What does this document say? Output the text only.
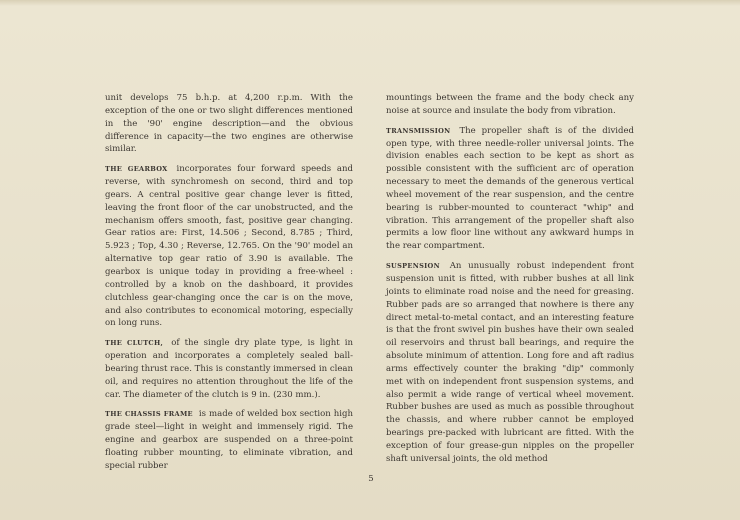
unit develops 75 b.h.p. at 4,200 r.p.m. With the exception of the one or two slight differences mentioned in the '90' engine description—and the obvious difference in capacity—the two engines are otherwise similar.

THE GEARBOX incorporates four forward speeds and reverse, with synchromesh on second, third and top gears. A central positive gear change lever is fitted, leaving the front floor of the car unobstructed, and the mechanism offers smooth, fast, positive gear changing. Gear ratios are: First, 14.506 ; Second, 8.785 ; Third, 5.923 ; Top, 4.30 ; Reverse, 12.765. On the '90' model an alternative top gear ratio of 3.90 is available. The gearbox is unique today in providing a free-wheel : controlled by a knob on the dashboard, it provides clutchless gear-changing once the car is on the move, and also contributes to economical motoring, especially on long runs.

THE CLUTCH, of the single dry plate type, is light in operation and incorporates a completely sealed ball-bearing thrust race. This is constantly immersed in clean oil, and requires no attention throughout the life of the car. The diameter of the clutch is 9 in. (230 mm.).

THE CHASSIS FRAME is made of welded box section high grade steel—light in weight and immensely rigid. The engine and gearbox are suspended on a three-point floating rubber mounting, to eliminate vibration, and special rubber

mountings between the frame and the body check any noise at source and insulate the body from vibration.

TRANSMISSION The propeller shaft is of the divided open type, with three needle-roller universal joints. The division enables each section to be kept as short as possible consistent with the sufficient arc of operation necessary to meet the demands of the generous vertical wheel movement of the rear suspension, and the centre bearing is rubber-mounted to counteract "whip" and vibration. This arrangement of the propeller shaft also permits a low floor line without any awkward humps in the rear compartment.

SUSPENSION An unusually robust independent front suspension unit is fitted, with rubber bushes at all link joints to eliminate road noise and the need for greasing. Rubber pads are so arranged that nowhere is there any direct metal-to-metal contact, and an interesting feature is that the front swivel pin bushes have their own sealed oil reservoirs and thrust ball bearings, and require the absolute minimum of attention. Long fore and aft radius arms effectively counter the braking "dip" commonly met with on independent front suspension systems, and also permit a wide range of vertical wheel movement. Rubber bushes are used as much as possible throughout the chassis, and where rubber cannot be employed bearings pre-packed with lubricant are fitted. With the exception of four grease-gun nipples on the propeller shaft universal joints, the old method

5
